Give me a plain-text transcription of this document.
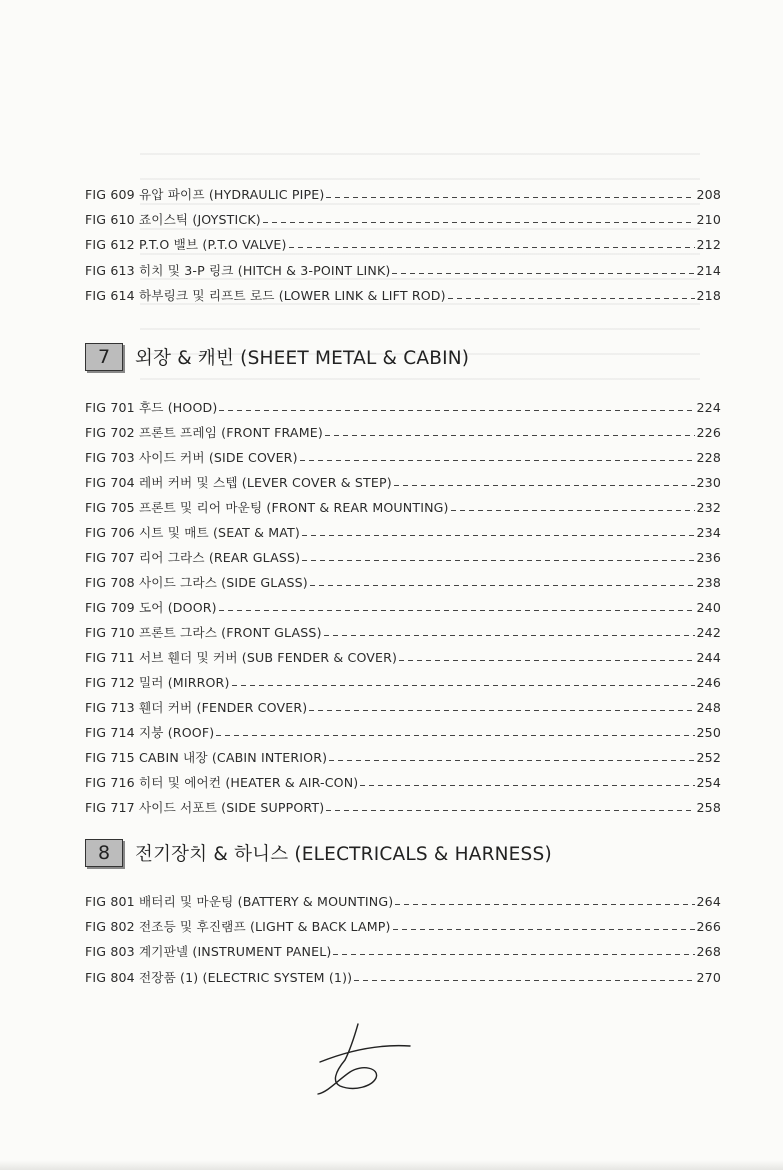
FIG 609 유압 파이프 (HYDRAULIC PIPE)	208
FIG 610 죠이스틱 (JOYSTICK)	210
FIG 612 P.T.O 밸브 (P.T.O VALVE)	212
FIG 613 히치 및 3-P 링크 (HITCH & 3-POINT LINK)	214
FIG 614 하부링크 및 리프트 로드 (LOWER LINK & LIFT ROD)	218
7	외장 & 캐빈 (SHEET METAL & CABIN)
FIG 701 후드 (HOOD)	224
FIG 702 프론트 프레임 (FRONT FRAME)	226
FIG 703 사이드 커버 (SIDE COVER)	228
FIG 704 레버 커버 및 스텝 (LEVER COVER & STEP)	230
FIG 705 프론트 및 리어 마운팅 (FRONT & REAR MOUNTING)	232
FIG 706 시트 및 매트 (SEAT & MAT)	234
FIG 707 리어 그라스 (REAR GLASS)	236
FIG 708 사이드 그라스 (SIDE GLASS)	238
FIG 709 도어 (DOOR)	240
FIG 710 프론트 그라스 (FRONT GLASS)	242
FIG 711 서브 휀더 및 커버 (SUB FENDER & COVER)	244
FIG 712 밀러 (MIRROR)	246
FIG 713 휀더 커버 (FENDER COVER)	248
FIG 714 지붕 (ROOF)	250
FIG 715 CABIN 내장 (CABIN INTERIOR)	252
FIG 716 히터 및 에어컨 (HEATER & AIR-CON)	254
FIG 717 사이드 서포트 (SIDE SUPPORT)	258
8	전기장치 & 하니스 (ELECTRICALS & HARNESS)
FIG 801 배터리 및 마운팅 (BATTERY & MOUNTING)	264
FIG 802 전조등 및 후진램프 (LIGHT & BACK LAMP)	266
FIG 803 계기판넬 (INSTRUMENT PANEL)	268
FIG 804 전장품 (1) (ELECTRIC SYSTEM (1))	270
